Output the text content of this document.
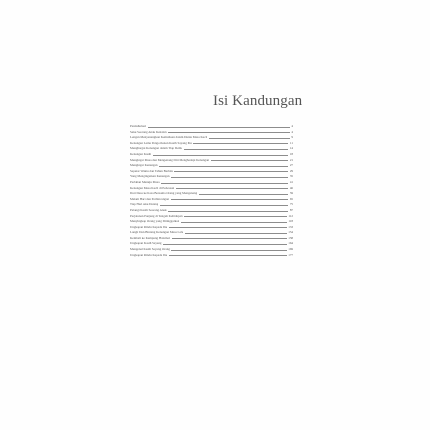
Isi Kandungan
Pendahuluan	4
Saku Seorang Anak Kenalan	4
Lengan Menyenangkan Kemuliaan dalam Dunia Masa Kecil	9
Kenangan Lama Pengorbanan Kasih Sayang Ibu	11
Menghargai Kenangan dalam Tiap Detik	14
Kenangan Kasih	18
Mengingat Masa dan Mengenang Diri Menghadapi Kenangan	21
Mengingat Kenangan	27
Seputar Waktu dan Tahun Berlalu	29
Yang Mengingatkan Kenangan	35
Perlahan Menuju Masa	41
Kenangan Masa Kecil di Pedesaan	46
Dari Desa ke Kota Bersama Orang yang Mengenang	59
Malam Hari dan Perbincangan	65
Tiap Hari Aku Datang	75
Pelangi Kasih Seorang Anak	87
Perjalanan Panjang di Tengah Kehidupan	112
Menyingkap Orang yang Ditinggalkan	118
Ungkapan Rindu Kepada Ibu	133
Langit Dan Bintang Kenangan Masa Lalu	154
Kembali ke Kampung Halaman	158
Ungkapan Kasih Sayang	164
Mengenal Kasih Sayang Orang	169
Ungkapan Rindu Kepada Ibu	177
